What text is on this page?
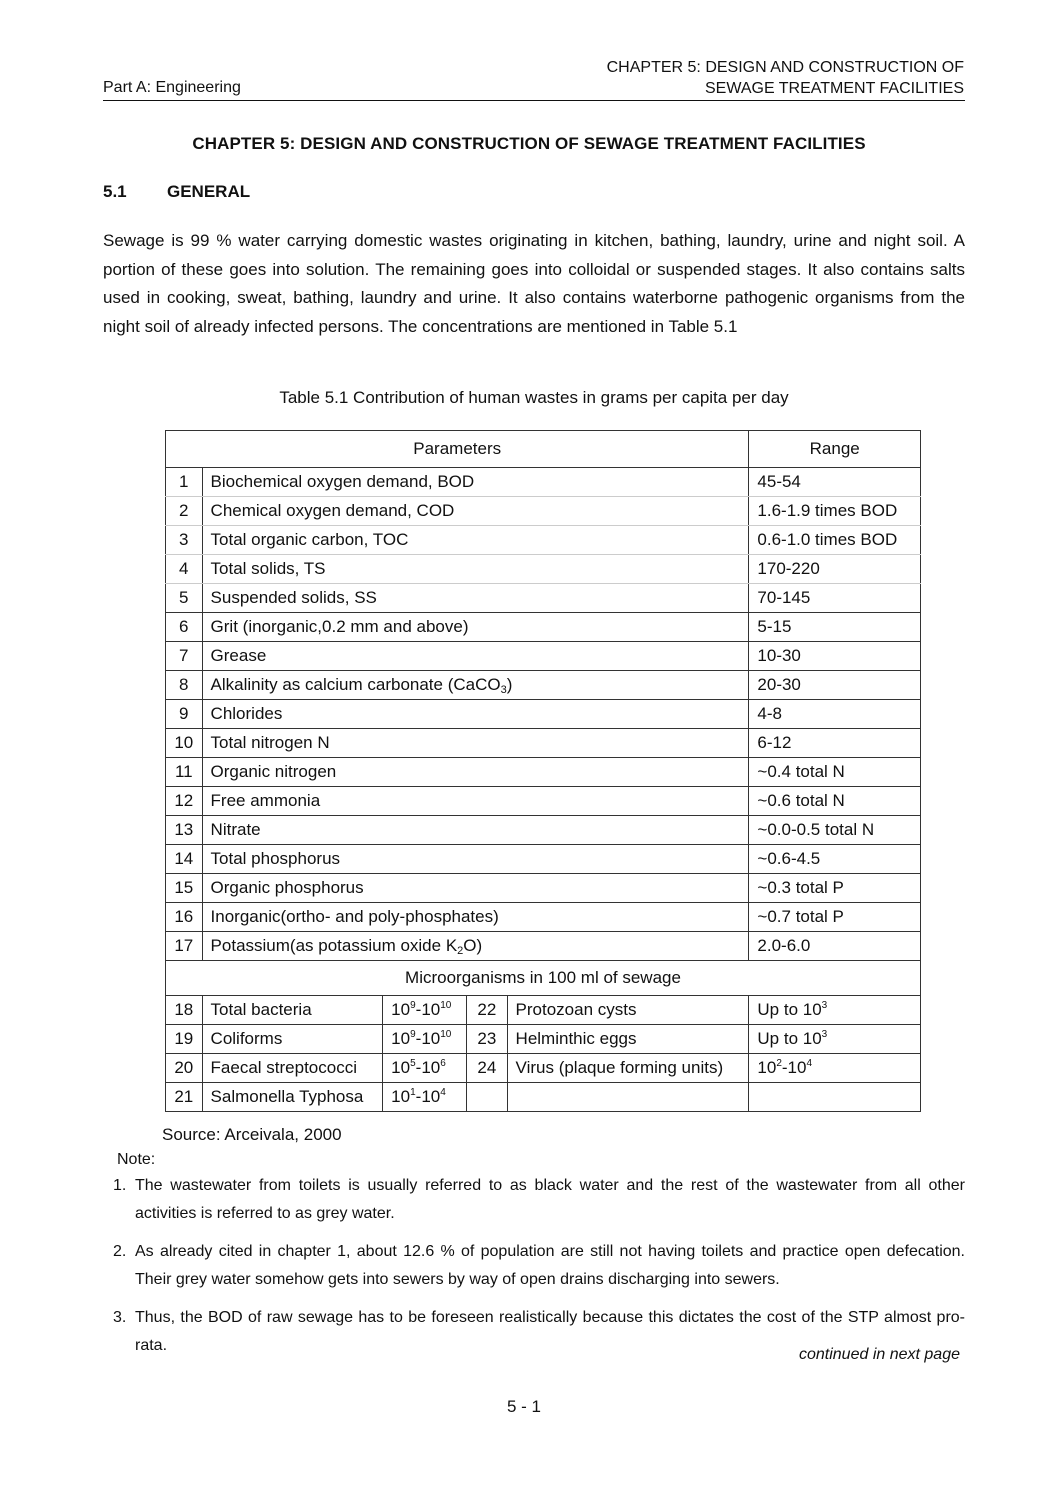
Part A: Engineering
CHAPTER 5: DESIGN AND CONSTRUCTION OF
SEWAGE TREATMENT FACILITIES
CHAPTER 5: DESIGN AND CONSTRUCTION OF SEWAGE TREATMENT FACILITIES
5.1 GENERAL
Sewage is 99 % water carrying domestic wastes originating in kitchen, bathing, laundry, urine and night soil. A portion of these goes into solution. The remaining goes into colloidal or suspended stages. It also contains salts used in cooking, sweat, bathing, laundry and urine. It also contains waterborne pathogenic organisms from the night soil of already infected persons. The concentrations are mentioned in Table 5.1
Table 5.1 Contribution of human wastes in grams per capita per day
Parameters					Range
1	Biochemical oxygen demand, BOD				45-54
2	Chemical oxygen demand, COD				1.6-1.9 times BOD
3	Total organic carbon, TOC				0.6-1.0 times BOD
4	Total solids, TS				170-220
5	Suspended solids, SS				70-145
6	Grit (inorganic,0.2 mm and above)				5-15
7	Grease				10-30
8	Alkalinity as calcium carbonate (CaCO$_3$)				20-30
9	Chlorides				4-8
10	Total nitrogen N				6-12
11	Organic nitrogen				~0.4 total N
12	Free ammonia				~0.6 total N
13	Nitrate				~0.0-0.5 total N
14	Total phosphorus				~0.6-4.5
15	Organic phosphorus				~0.3 total P
16	Inorganic(ortho- and poly-phosphates)				~0.7 total P
17	Potassium(as potassium oxide $K_2O$)				2.0-6.0
Microorganisms in 100 ml of sewage					
18	Total bacteria	$10^9-10^{10}$	22	Protozoan cysts	Up to $10^3$
19	Coliforms	$10^9-10^{10}$	23	Helminthic eggs	Up to $10^3$
20	Faecal streptococci	$10^5-10^6$	24	Virus (plaque forming units)	$10^2-10^4$
21	Salmonella Typhosa	$10^1-10^4$			
Source: Arceivala, 2000
Note:
1. The wastewater from toilets is usually referred to as black water and the rest of the wastewater from all other activities is referred to as grey water.
2. As already cited in chapter 1, about 12.6 % of population are still not having toilets and practice open defecation. Their grey water somehow gets into sewers by way of open drains discharging into sewers.
3. Thus, the BOD of raw sewage has to be foreseen realistically because this dictates the cost of the STP almost pro-rata.
continued in next page
5 - 1
